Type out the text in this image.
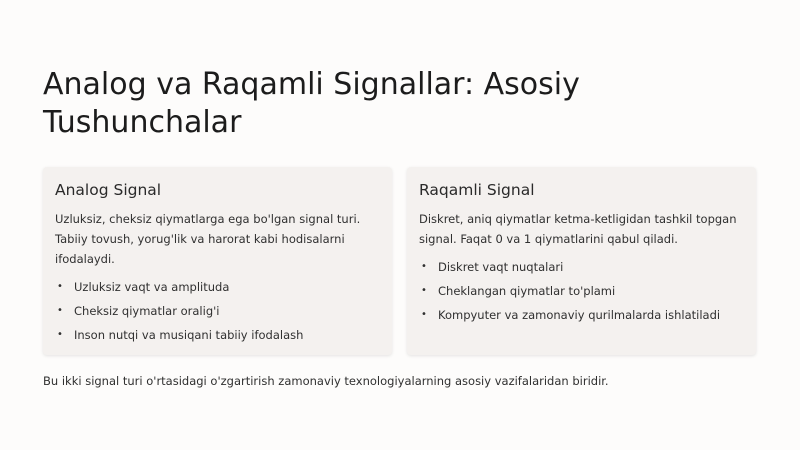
Analog va Raqamli Signallar: Asosiy Tushunchalar
Analog Signal

Uzluksiz, cheksiz qiymatlarga ega bo'lgan signal turi. Tabiiy tovush, yorug'lik va harorat kabi hodisalarni ifodalaydi.

• Uzluksiz vaqt va amplituda
• Cheksiz qiymatlar oralig'i
• Inson nutqi va musiqani tabiiy ifodalash
Raqamli Signal

Diskret, aniq qiymatlar ketma-ketligidan tashkil topgan signal. Faqat 0 va 1 qiymatlarini qabul qiladi.

• Diskret vaqt nuqtalari
• Cheklangan qiymatlar to'plami
• Kompyuter va zamonaviy qurilmalarda ishlatiladi

Bu ikki signal turi o'rtasidagi o'zgartirish zamonaviy texnologiyalarning asosiy vazifalaridan biridir.
